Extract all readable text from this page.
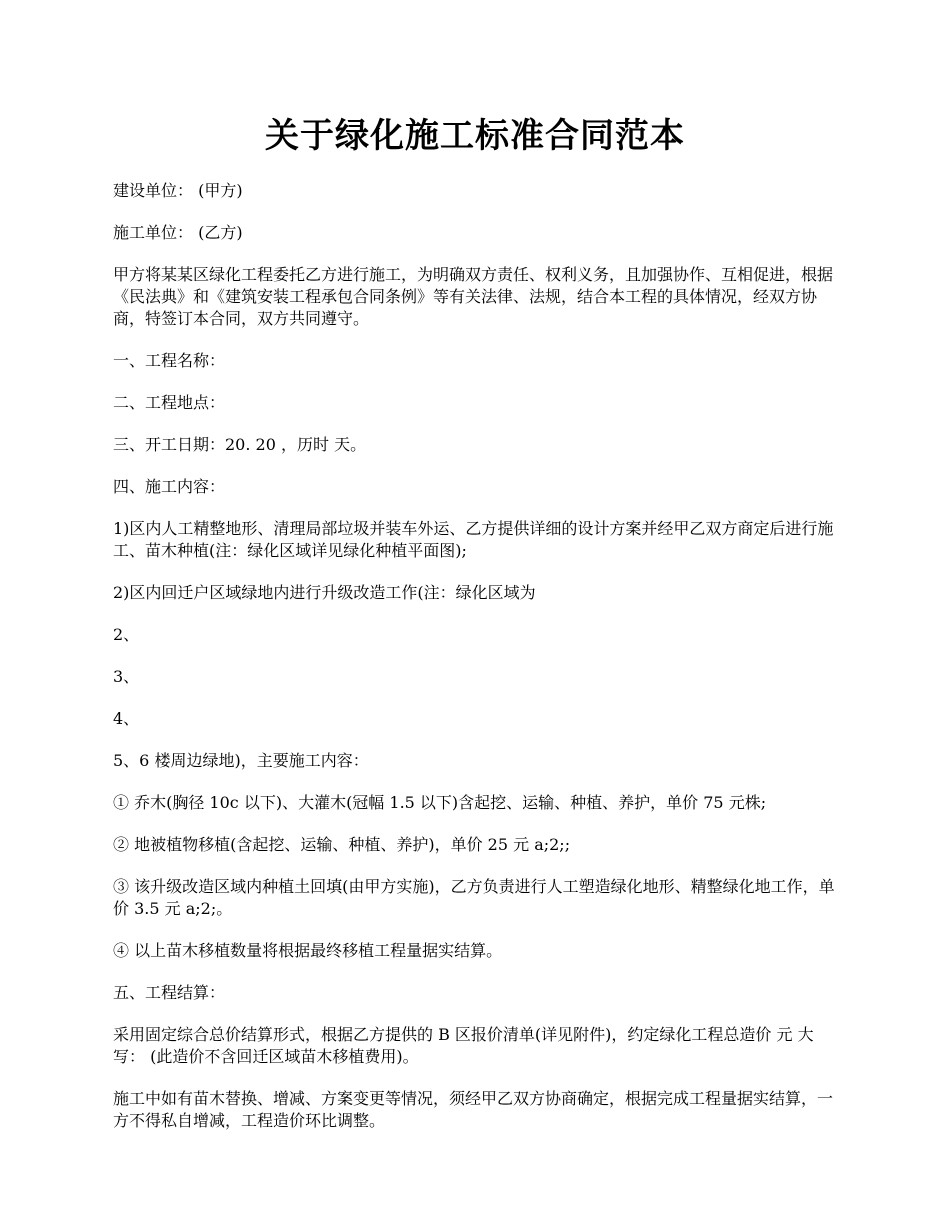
关于绿化施工标准合同范本

建设单位： (甲方)

施工单位： (乙方)

甲方将某某区绿化工程委托乙方进行施工，为明确双方责任、权利义务，且加强协作、互相促进，根据《民法典》和《建筑安装工程承包合同条例》等有关法律、法规，结合本工程的具体情况，经双方协商，特签订本合同，双方共同遵守。

一、工程名称：

二、工程地点：

三、开工日期：20. 20 ，历时 天。

四、施工内容：

1)区内人工精整地形、清理局部垃圾并装车外运、乙方提供详细的设计方案并经甲乙双方商定后进行施工、苗木种植(注：绿化区域详见绿化种植平面图);

2)区内回迁户区域绿地内进行升级改造工作(注：绿化区域为

2、

3、

4、

5、6 楼周边绿地)，主要施工内容：

① 乔木(胸径 10c 以下)、大灌木(冠幅 1.5 以下)含起挖、运输、种植、养护，单价 75 元株;

② 地被植物移植(含起挖、运输、种植、养护)，单价 25 元 a;2;;

③ 该升级改造区域内种植土回填(由甲方实施)，乙方负责进行人工塑造绿化地形、精整绿化地工作，单价 3.5 元 a;2;。

④ 以上苗木移植数量将根据最终移植工程量据实结算。

五、工程结算：

采用固定综合总价结算形式，根据乙方提供的 B 区报价清单(详见附件)，约定绿化工程总造价 元 大写： (此造价不含回迁区域苗木移植费用)。

施工中如有苗木替换、增减、方案变更等情况，须经甲乙双方协商确定，根据完成工程量据实结算，一方不得私自增减，工程造价环比调整。
